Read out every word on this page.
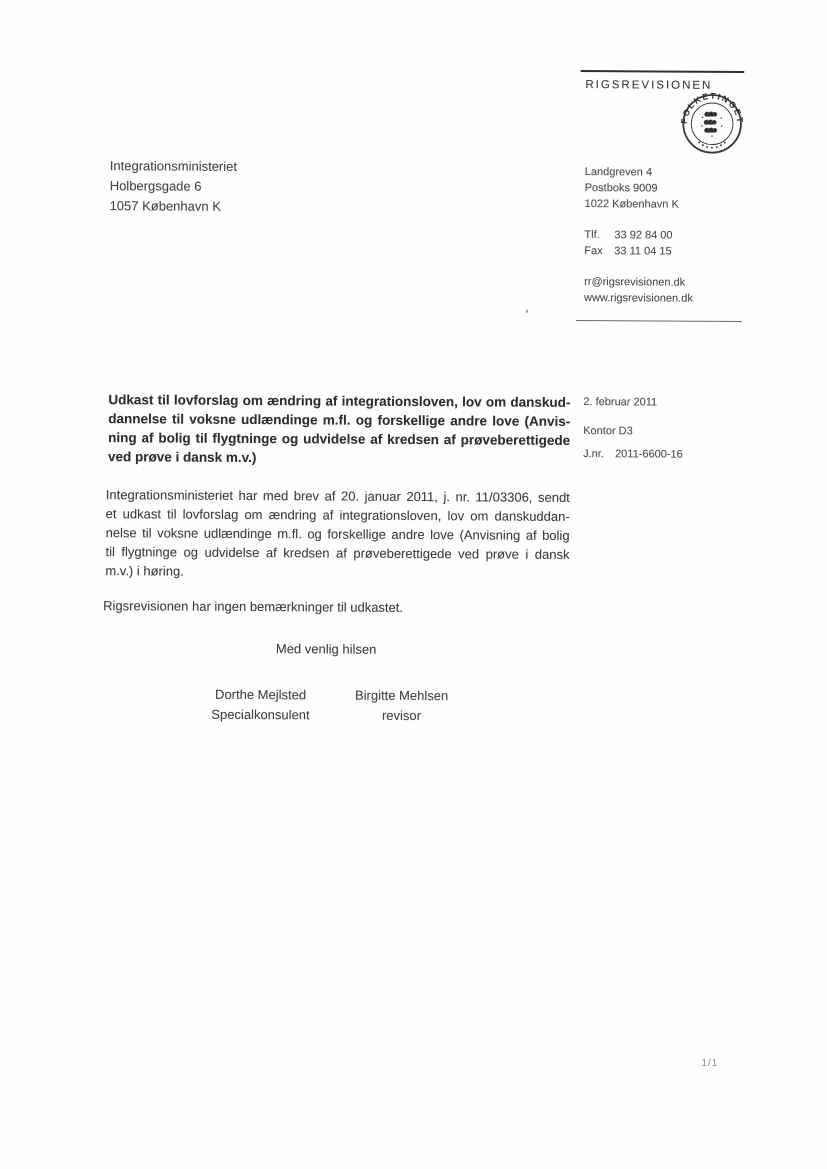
RIGSREVISIONEN
FOLKETINGET
Integrationsministeriet
Holbergsgade 6
1057 København K
Landgreven 4
Postboks 9009
1022 København K
Tlf.	33 92 84 00
Fax	33 11 04 15
rr@rigsrevisionen.dk
www.rigsrevisionen.dk
Udkast til lovforslag om ændring af integrationsloven, lov om danskud-
dannelse til voksne udlændinge m.fl. og forskellige andre love (Anvis-
ning af bolig til flygtninge og udvidelse af kredsen af prøveberettigede
ved prøve i dansk m.v.)
2. februar 2011
Kontor D3
J.nr.	2011-6600-16
Integrationsministeriet har med brev af 20. januar 2011, j. nr. 11/03306, sendt
et udkast til lovforslag om ændring af integrationsloven, lov om danskuddan-
nelse til voksne udlændinge m.fl. og forskellige andre love (Anvisning af bolig
til flygtninge og udvidelse af kredsen af prøveberettigede ved prøve i dansk
m.v.) i høring.
Rigsrevisionen har ingen bemærkninger til udkastet.
Med venlig hilsen
Dorthe Mejlsted
Specialkonsulent
Birgitte Mehlsen
revisor
1/1
